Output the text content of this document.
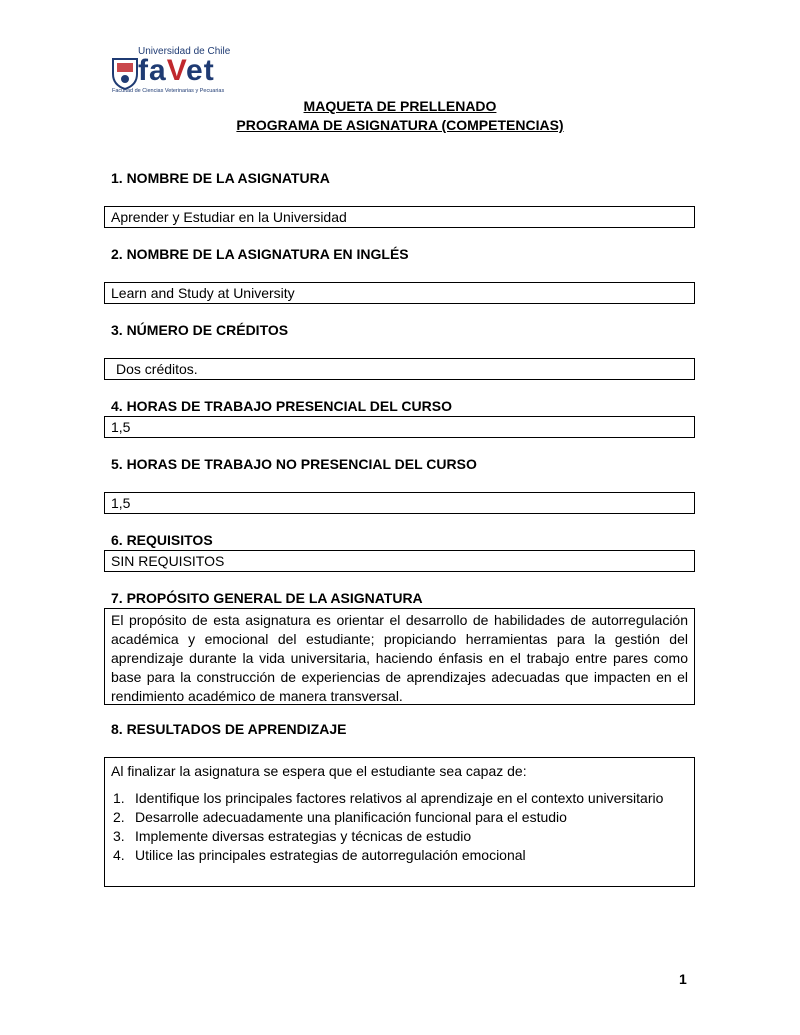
Universidad de Chile
faVet
Facultad de Ciencias Veterinarias y Pecuarias
MAQUETA DE PRELLENADO
PROGRAMA DE ASIGNATURA (COMPETENCIAS)
1. NOMBRE DE LA ASIGNATURA
Aprender y Estudiar en la Universidad
2. NOMBRE DE LA ASIGNATURA EN INGLÉS
Learn and Study at University
3. NÚMERO DE CRÉDITOS
Dos créditos.
4. HORAS DE TRABAJO PRESENCIAL DEL CURSO
1,5
5. HORAS DE TRABAJO NO PRESENCIAL DEL CURSO
1,5
6. REQUISITOS
SIN REQUISITOS
7. PROPÓSITO GENERAL DE LA ASIGNATURA
El propósito de esta asignatura es orientar el desarrollo de habilidades de autorregulación académica y emocional del estudiante; propiciando herramientas para la gestión del aprendizaje durante la vida universitaria, haciendo énfasis en el trabajo entre pares como base para la construcción de experiencias de aprendizajes adecuadas que impacten en el rendimiento académico de manera transversal.
8. RESULTADOS DE APRENDIZAJE
Al finalizar la asignatura se espera que el estudiante sea capaz de:
1. Identifique los principales factores relativos al aprendizaje en el contexto universitario
2. Desarrolle adecuadamente una planificación funcional para el estudio
3. Implemente diversas estrategias y técnicas de estudio
4. Utilice las principales estrategias de autorregulación emocional
1
